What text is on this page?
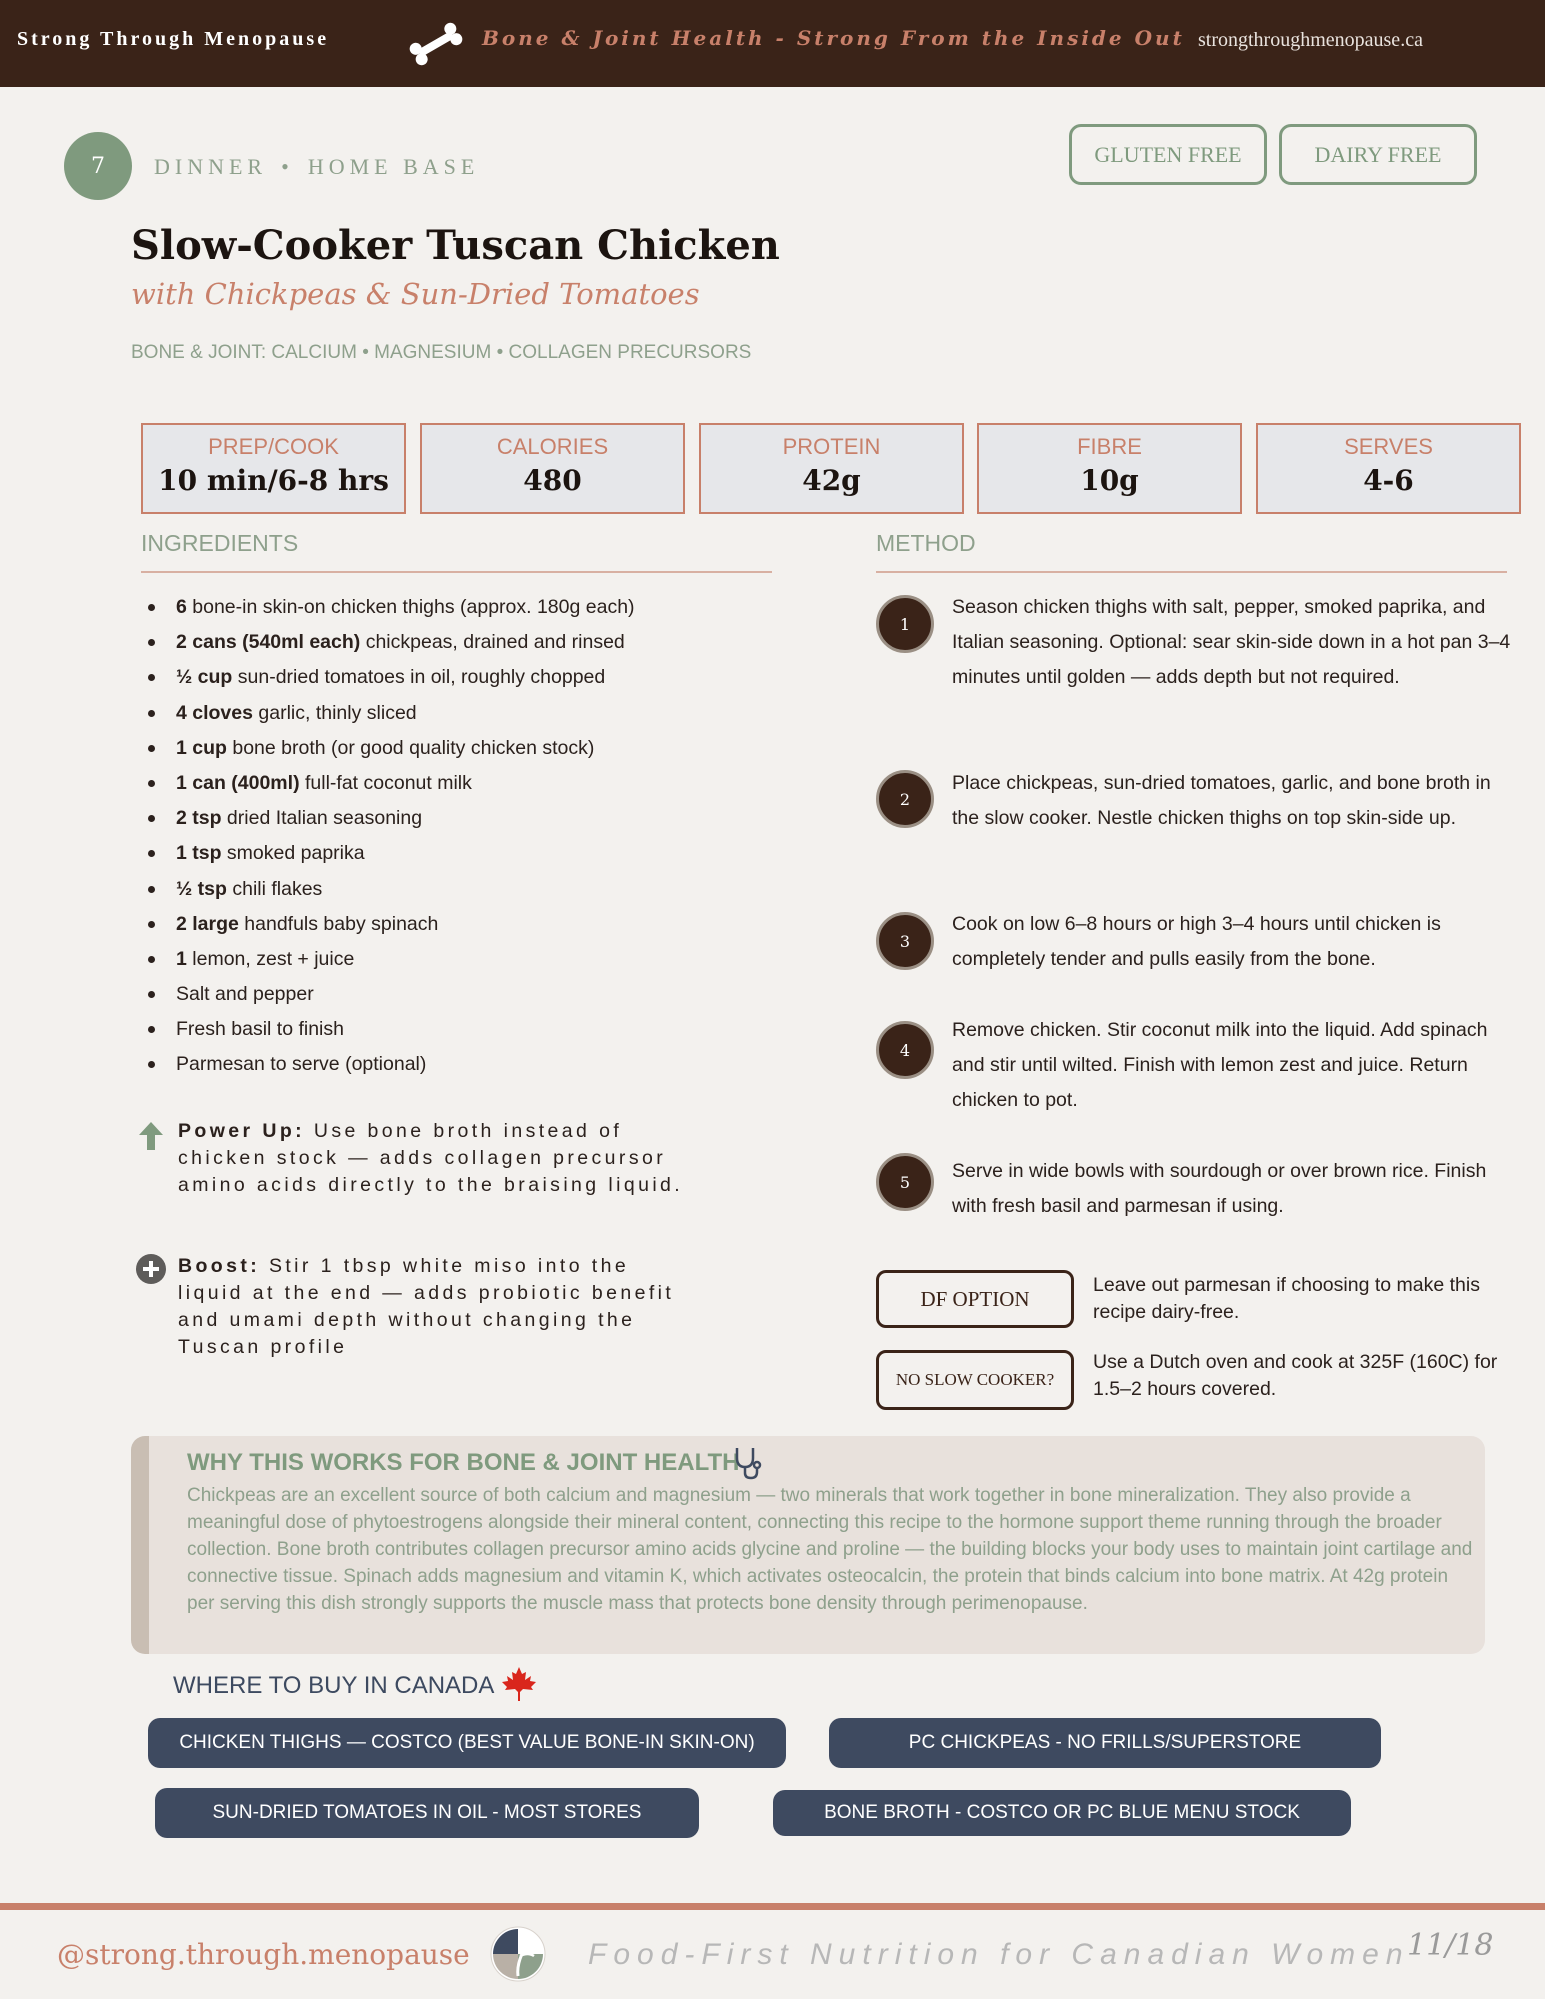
Strong Through Menopause	Bone & Joint Health - Strong From the Inside Out strongthroughmenopause.ca
7	DINNER • HOME BASE	GLUTEN FREE	DAIRY FREE
Slow-Cooker Tuscan Chicken
with Chickpeas & Sun-Dried Tomatoes
BONE & JOINT: CALCIUM • MAGNESIUM • COLLAGEN PRECURSORS
PREP/COOK
10 min/6-8 hrs
CALORIES
480
PROTEIN
42g
FIBRE
10g
SERVES
4-6
INGREDIENTS
6 bone-in skin-on chicken thighs (approx. 180g each)
2 cans (540ml each) chickpeas, drained and rinsed
½ cup sun-dried tomatoes in oil, roughly chopped
4 cloves garlic, thinly sliced
1 cup bone broth (or good quality chicken stock)
1 can (400ml) full-fat coconut milk
2 tsp dried Italian seasoning
1 tsp smoked paprika
½ tsp chili flakes
2 large handfuls baby spinach
1 lemon, zest + juice
Salt and pepper
Fresh basil to finish
Parmesan to serve (optional)
Power Up: Use bone broth instead of chicken stock — adds collagen precursor amino acids directly to the braising liquid.
Boost: Stir 1 tbsp white miso into the liquid at the end — adds probiotic benefit and umami depth without changing the Tuscan profile
METHOD
1
Season chicken thighs with salt, pepper, smoked paprika, and Italian seasoning. Optional: sear skin-side down in a hot pan 3–4 minutes until golden — adds depth but not required.
2
Place chickpeas, sun-dried tomatoes, garlic, and bone broth in the slow cooker. Nestle chicken thighs on top skin-side up.
3
Cook on low 6–8 hours or high 3–4 hours until chicken is completely tender and pulls easily from the bone.
4
Remove chicken. Stir coconut milk into the liquid. Add spinach and stir until wilted. Finish with lemon zest and juice. Return chicken to pot.
5	Serve in wide bowls with sourdough or over brown rice. Finish with fresh basil and parmesan if using.
DF OPTION
Leave out parmesan if choosing to make this recipe dairy-free.
NO SLOW COOKER?
Use a Dutch oven and cook at 325F (160C) for 1.5–2 hours covered.
WHY THIS WORKS FOR BONE & JOINT HEALTH
Chickpeas are an excellent source of both calcium and magnesium — two minerals that work together in bone mineralization. They also provide a meaningful dose of phytoestrogens alongside their mineral content, connecting this recipe to the hormone support theme running through the broader collection. Bone broth contributes collagen precursor amino acids glycine and proline — the building blocks your body uses to maintain joint cartilage and connective tissue. Spinach adds magnesium and vitamin K, which activates osteocalcin, the protein that binds calcium into bone matrix. At 42g protein per serving this dish strongly supports the muscle mass that protects bone density through perimenopause.
WHERE TO BUY IN CANADA
CHICKEN THIGHS — COSTCO (BEST VALUE BONE-IN SKIN-ON)	PC CHICKPEAS - NO FRILLS/SUPERSTORE
SUN-DRIED TOMATOES IN OIL - MOST STORES	BONE BROTH - COSTCO OR PC BLUE MENU STOCK
@strong.through.menopause	Food-First Nutrition for Canadian Women
11/18
